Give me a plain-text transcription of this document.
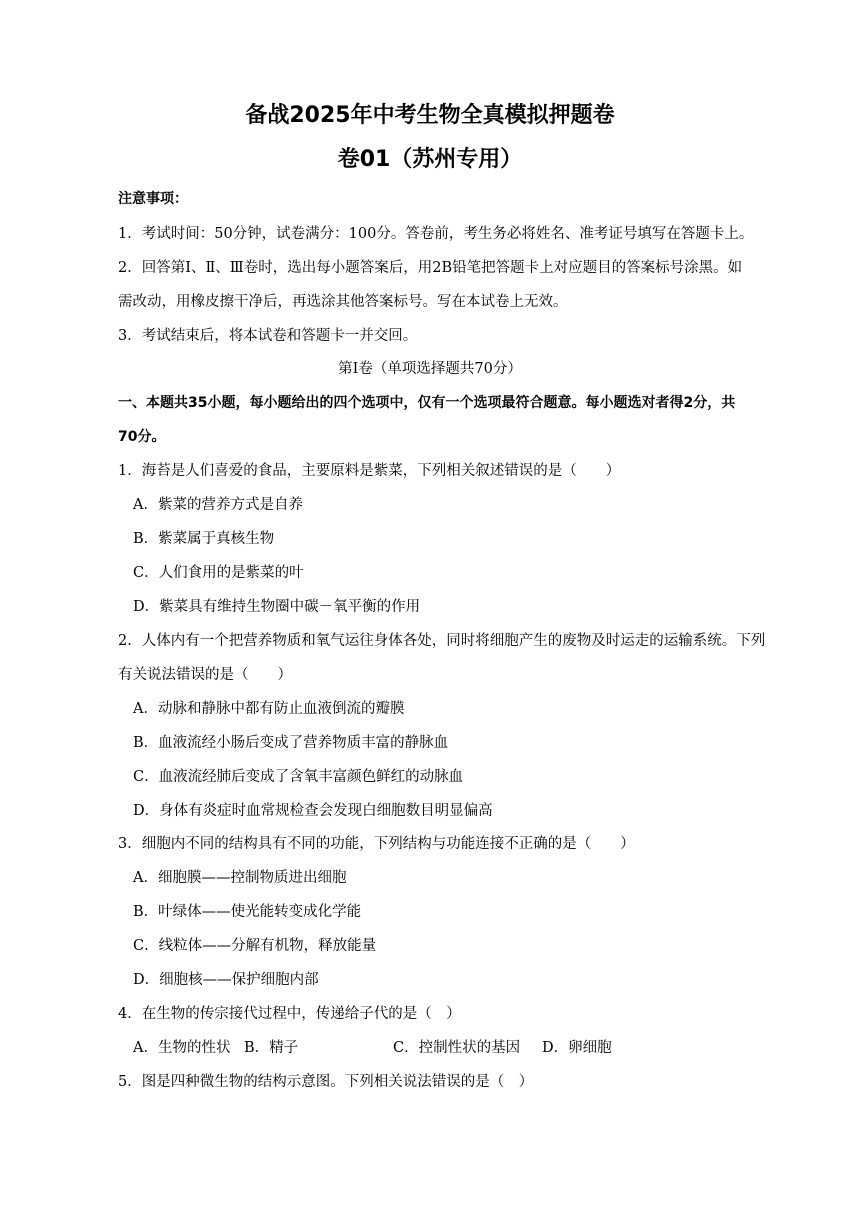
备战2025年中考生物全真模拟押题卷
卷01（苏州专用）
注意事项：
1．考试时间：50分钟，试卷满分：100分。答卷前，考生务必将姓名、准考证号填写在答题卡上。
2．回答第Ⅰ、Ⅱ、Ⅲ卷时，选出每小题答案后，用2B铅笔把答题卡上对应题目的答案标号涂黑。如
需改动，用橡皮擦干净后，再选涂其他答案标号。写在本试卷上无效。
3．考试结束后，将本试卷和答题卡一并交回。
第Ⅰ卷（单项选择题共70分）
一、本题共35小题，每小题给出的四个选项中，仅有一个选项最符合题意。每小题选对者得2分，共
70分。
1．海苔是人们喜爱的食品，主要原料是紫菜，下列相关叙述错误的是（　　）
A．紫菜的营养方式是自养
B．紫菜属于真核生物
C．人们食用的是紫菜的叶
D．紫菜具有维持生物圈中碳－氧平衡的作用
2．人体内有一个把营养物质和氧气运往身体各处，同时将细胞产生的废物及时运走的运输系统。下列
有关说法错误的是（　　）
A．动脉和静脉中都有防止血液倒流的瓣膜
B．血液流经小肠后变成了营养物质丰富的静脉血
C．血液流经肺后变成了含氧丰富颜色鲜红的动脉血
D．身体有炎症时血常规检查会发现白细胞数目明显偏高
3．细胞内不同的结构具有不同的功能，下列结构与功能连接不正确的是（　　）
A．细胞膜——控制物质进出细胞
B．叶绿体——使光能转变成化学能
C．线粒体——分解有机物，释放能量
D．细胞核——保护细胞内部
4．在生物的传宗接代过程中，传递给子代的是（　）
A．生物的性状 B．精子	C．控制性状的基因 D．卵细胞
5．图是四种微生物的结构示意图。下列相关说法错误的是（　）
